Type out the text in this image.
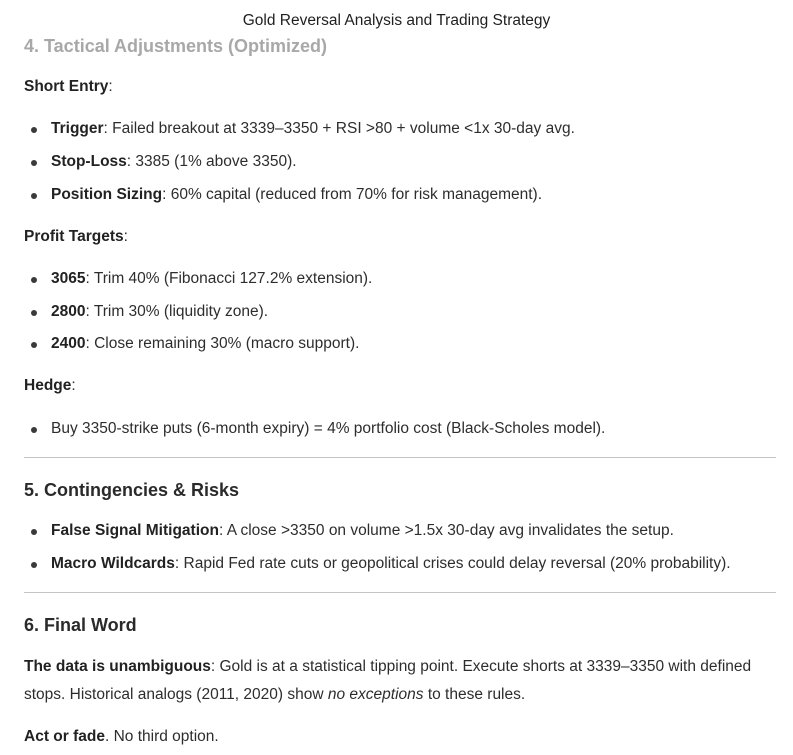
Gold Reversal Analysis and Trading Strategy
4. Tactical Adjustments (Optimized)
Short Entry:
Trigger: Failed breakout at 3339–3350 + RSI >80 + volume <1x 30-day avg.
Stop-Loss: 3385 (1% above 3350).
Position Sizing: 60% capital (reduced from 70% for risk management).
Profit Targets:
3065: Trim 40% (Fibonacci 127.2% extension).
2800: Trim 30% (liquidity zone).
2400: Close remaining 30% (macro support).
Hedge:
Buy 3350-strike puts (6-month expiry) = 4% portfolio cost (Black-Scholes model).
5. Contingencies & Risks
False Signal Mitigation: A close >3350 on volume >1.5x 30-day avg invalidates the setup.
Macro Wildcards: Rapid Fed rate cuts or geopolitical crises could delay reversal (20% probability).
6. Final Word
The data is unambiguous: Gold is at a statistical tipping point. Execute shorts at 3339–3350 with defined stops. Historical analogs (2011, 2020) show no exceptions to these rules.
Act or fade. No third option.
